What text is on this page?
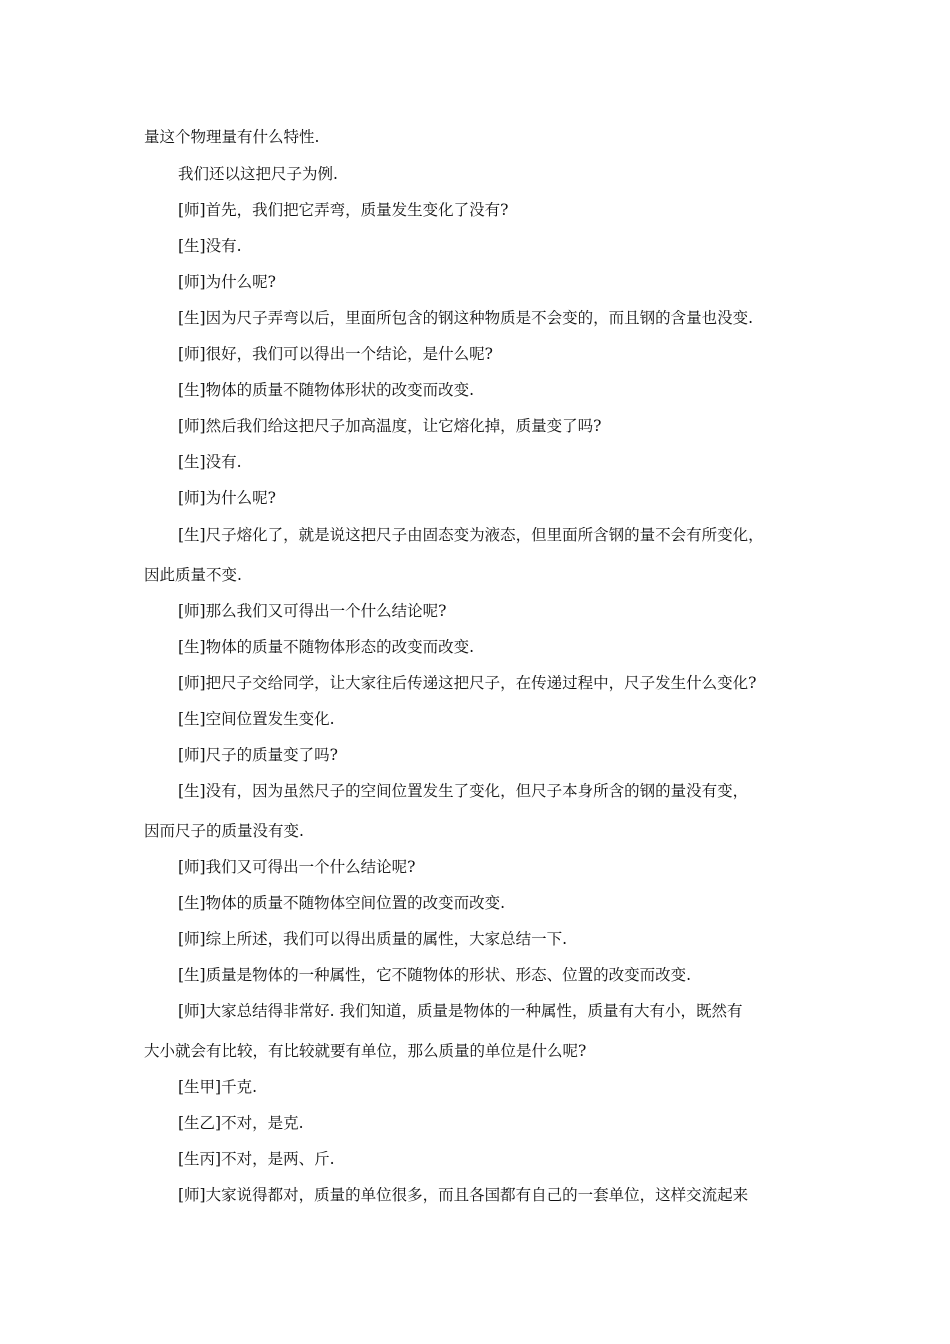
量这个物理量有什么特性.
我们还以这把尺子为例.
[师]首先，我们把它弄弯，质量发生变化了没有?
[生]没有.
[师]为什么呢?
[生]因为尺子弄弯以后，里面所包含的钢这种物质是不会变的，而且钢的含量也没变.
[师]很好，我们可以得出一个结论，是什么呢?
[生]物体的质量不随物体形状的改变而改变.
[师]然后我们给这把尺子加高温度，让它熔化掉，质量变了吗?
[生]没有.
[师]为什么呢?
[生]尺子熔化了，就是说这把尺子由固态变为液态，但里面所含钢的量不会有所变化，
因此质量不变.
[师]那么我们又可得出一个什么结论呢?
[生]物体的质量不随物体形态的改变而改变.
[师]把尺子交给同学，让大家往后传递这把尺子，在传递过程中，尺子发生什么变化?
[生]空间位置发生变化.
[师]尺子的质量变了吗?
[生]没有，因为虽然尺子的空间位置发生了变化，但尺子本身所含的钢的量没有变，
因而尺子的质量没有变.
[师]我们又可得出一个什么结论呢?
[生]物体的质量不随物体空间位置的改变而改变.
[师]综上所述，我们可以得出质量的属性，大家总结一下.
[生]质量是物体的一种属性，它不随物体的形状、形态、位置的改变而改变.
[师]大家总结得非常好. 我们知道，质量是物体的一种属性，质量有大有小，既然有
大小就会有比较，有比较就要有单位，那么质量的单位是什么呢?
[生甲]千克.
[生乙]不对，是克.
[生丙]不对，是两、斤.
[师]大家说得都对，质量的单位很多，而且各国都有自己的一套单位，这样交流起来
